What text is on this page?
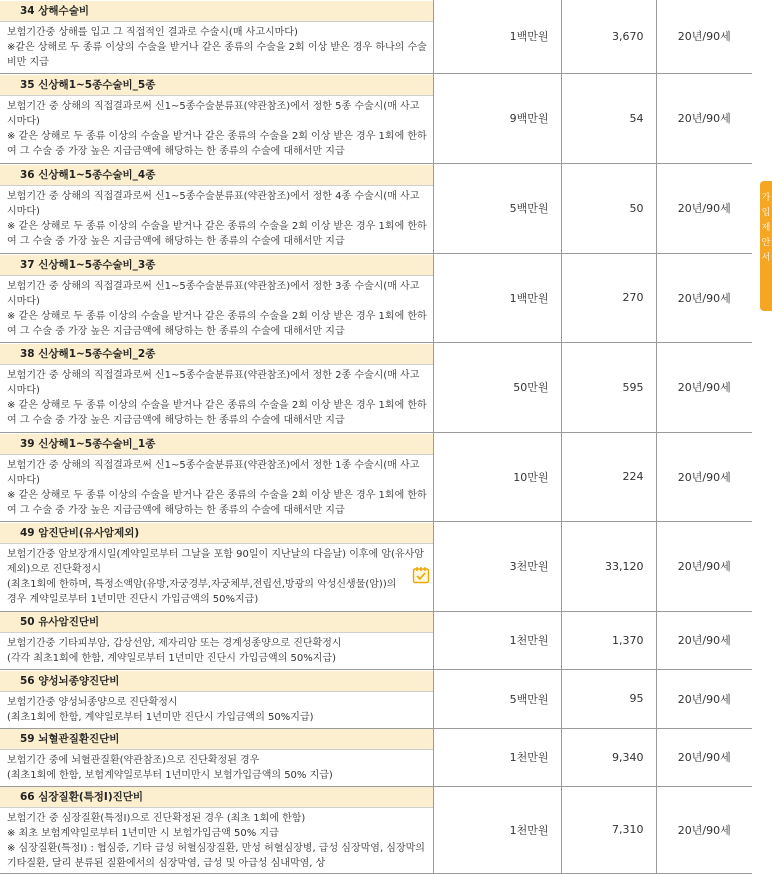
34 상해수술비
보험기간중 상해를 입고 그 직접적인 결과로 수술시(매 사고시마다)
※같은 상해로 두 종류 이상의 수술을 받거나 같은 종류의 수술을 2회 이상 받은 경우 하나의 수술비만 지급	1백만원	3,670	20년/90세

35 신상해1~5종수술비_5종
보험기간 중 상해의 직접결과로써 신1~5종수술분류표(약관참조)에서 정한 5종 수술시(매 사고시마다)
※ 같은 상해로 두 종류 이상의 수술을 받거나 같은 종류의 수술을 2회 이상 받은 경우 1회에 한하여 그 수술 중 가장 높은 지급금액에 해당하는 한 종류의 수술에 대해서만 지급	9백만원	54	20년/90세

36 신상해1~5종수술비_4종
보험기간 중 상해의 직접결과로써 신1~5종수술분류표(약관참조)에서 정한 4종 수술시(매 사고시마다)
※ 같은 상해로 두 종류 이상의 수술을 받거나 같은 종류의 수술을 2회 이상 받은 경우 1회에 한하여 그 수술 중 가장 높은 지급금액에 해당하는 한 종류의 수술에 대해서만 지급	5백만원	50	20년/90세

37 신상해1~5종수술비_3종
보험기간 중 상해의 직접결과로써 신1~5종수술분류표(약관참조)에서 정한 3종 수술시(매 사고시마다)
※ 같은 상해로 두 종류 이상의 수술을 받거나 같은 종류의 수술을 2회 이상 받은 경우 1회에 한하여 그 수술 중 가장 높은 지급금액에 해당하는 한 종류의 수술에 대해서만 지급	1백만원	270	20년/90세

38 신상해1~5종수술비_2종
보험기간 중 상해의 직접결과로써 신1~5종수술분류표(약관참조)에서 정한 2종 수술시(매 사고시마다)
※ 같은 상해로 두 종류 이상의 수술을 받거나 같은 종류의 수술을 2회 이상 받은 경우 1회에 한하여 그 수술 중 가장 높은 지급금액에 해당하는 한 종류의 수술에 대해서만 지급	50만원	595	20년/90세

39 신상해1~5종수술비_1종
보험기간 중 상해의 직접결과로써 신1~5종수술분류표(약관참조)에서 정한 1종 수술시(매 사고시마다)
※ 같은 상해로 두 종류 이상의 수술을 받거나 같은 종류의 수술을 2회 이상 받은 경우 1회에 한하여 그 수술 중 가장 높은 지급금액에 해당하는 한 종류의 수술에 대해서만 지급	10만원	224	20년/90세

49 암진단비(유사암제외)
보험기간중 암보장개시일(계약일로부터 그날을 포함 90일이 지난날의 다음날) 이후에 암(유사암 제외)으로 진단확정시
(최초1회에 한하며, 특정소액암(유방,자궁경부,자궁체부,전립선,방광의 악성신생물(암))의 경우 계약일로부터 1년미만 진단시 가입금액의 50%지급)	3천만원	33,120	20년/90세

50 유사암진단비
보험기간중 기타피부암, 갑상선암, 제자리암 또는 경계성종양으로 진단확정시
(각각 최초1회에 한함, 계약일로부터 1년미만 진단시 가입금액의 50%지급)	1천만원	1,370	20년/90세

56 양성뇌종양진단비
보험기간중 양성뇌종양으로 진단확정시
(최초1회에 한함, 계약일로부터 1년미만 진단시 가입금액의 50%지급)	5백만원	95	20년/90세

59 뇌혈관질환진단비
보험기간 중에 뇌혈관질환(약관참조)으로 진단확정된 경우
(최초1회에 한함, 보험계약일로부터 1년미만시 보험가입금액의 50% 지급)	1천만원	9,340	20년/90세

66 심장질환(특정Ⅰ)진단비
보험기간 중 심장질환(특정Ⅰ)으로 진단확정된 경우 (최초 1회에 한함)
※ 최초 보험계약일로부터 1년미만 시 보험가입금액 50% 지급
※ 심장질환(특정Ⅰ) : 협심증, 기타 급성 허혈심장질환, 만성 허혈심장병, 급성 심장막염, 심장막의 기타질환, 달리 분류된 질환에서의 심장막염, 급성 및 아급성 심내막염, 상	1천만원	7,310	20년/90세
가
입
제
안
서
